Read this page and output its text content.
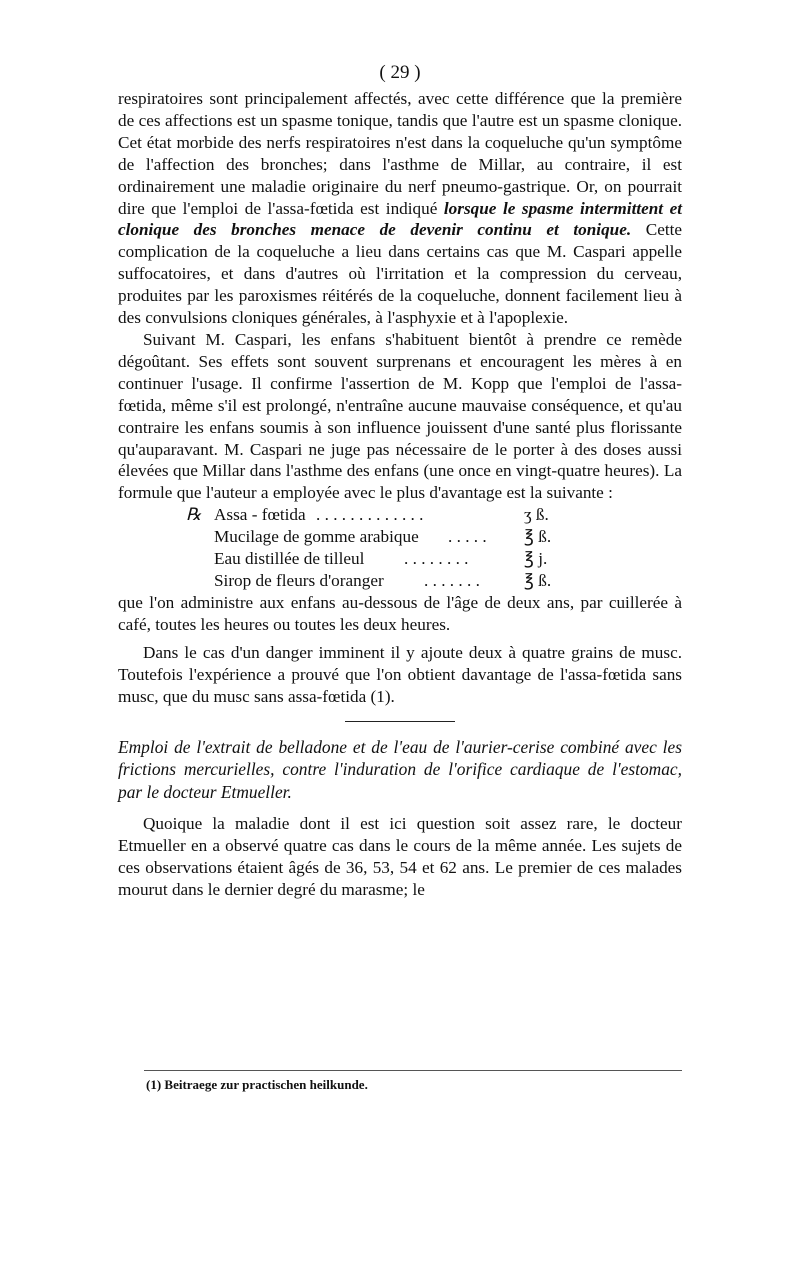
( 29 )

respiratoires sont principalement affectés, avec cette différence que la première de ces affections est un spasme tonique, tandis que l'autre est un spasme clonique. Cet état morbide des nerfs respiratoires n'est dans la coqueluche qu'un symptôme de l'affection des bronches; dans l'asthme de Millar, au contraire, il est ordinairement une maladie originaire du nerf pneumo-gastrique. Or, on pourrait dire que l'emploi de l'assa-fœtida est indiqué lorsque le spasme intermittent et clonique des bronches menace de devenir continu et tonique. Cette complication de la coqueluche a lieu dans certains cas que M. Caspari appelle suffocatoires, et dans d'autres où l'irritation et la compression du cerveau, produites par les paroxismes réitérés de la coqueluche, donnent facilement lieu à des convulsions cloniques générales, à l'asphyxie et à l'apoplexie.

Suivant M. Caspari, les enfans s'habituent bientôt à prendre ce remède dégoûtant. Ses effets sont souvent surprenans et encouragent les mères à en continuer l'usage. Il confirme l'assertion de M. Kopp que l'emploi de l'assa-fœtida, même s'il est prolongé, n'entraîne aucune mauvaise conséquence, et qu'au contraire les enfans soumis à son influence jouissent d'une santé plus florissante qu'auparavant. M. Caspari ne juge pas nécessaire de le porter à des doses aussi élevées que Millar dans l'asthme des enfans (une once en vingt-quatre heures). La formule que l'auteur a employée avec le plus d'avantage est la suivante :

℞ Assa - fœtida . . . . . . . . . . . . .	ʒ ß.
Mucilage de gomme arabique . . . . . ℥ ß.
Eau distillée de tilleul . . . . . . . .	℥ j.
Sirop de fleurs d'oranger . . . . . . .	℥ ß.

que l'on administre aux enfans au-dessous de l'âge de deux ans, par cuillerée à café, toutes les heures ou toutes les deux heures.

Dans le cas d'un danger imminent il y ajoute deux à quatre grains de musc. Toutefois l'expérience a prouvé que l'on obtient davantage de l'assa-fœtida sans musc, que du musc sans assa-fœtida (1).

Emploi de l'extrait de belladone et de l'eau de l'aurier-cerise combiné avec les frictions mercurielles, contre l'induration de l'orifice cardiaque de l'estomac, par le docteur Etmueller.

Quoique la maladie dont il est ici question soit assez rare, le docteur Etmueller en a observé quatre cas dans le cours de la même année. Les sujets de ces observations étaient âgés de 36, 53, 54 et 62 ans. Le premier de ces malades mourut dans le dernier degré du marasme; le

(1) Beitraege zur practischen heilkunde.
